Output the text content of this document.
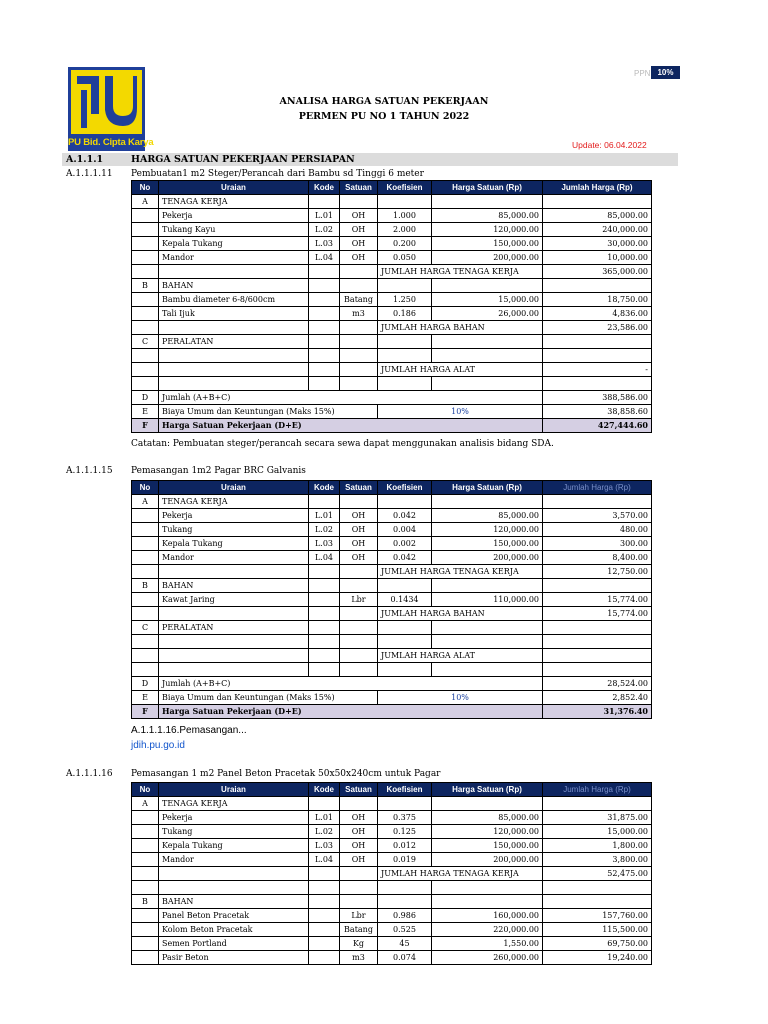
PU Bid. Cipta Karya
PPN 10%
ANALISA HARGA SATUAN PEKERJAAN
PERMEN PU NO 1 TAHUN 2022
Update: 06.04.2022
A.1.1.1	HARGA SATUAN PEKERJAAN PERSIAPAN
A.1.1.1.11 Pembuatan1 m2 Steger/Perancah dari Bambu sd Tinggi 6 meter
No	Uraian	Kode	Satuan	Koefisien	Harga Satuan (Rp)	Jumlah Harga (Rp)
A	TENAGA KERJA					
	Pekerja	L.01	OH	1.000	85,000.00	85,000.00
	Tukang Kayu	L.02	OH	2.000	120,000.00	240,000.00
	Kepala Tukang	L.03	OH	0.200	150,000.00	30,000.00
	Mandor	L.04	OH	0.050	200,000.00	10,000.00
				JUMLAH HARGA TENAGA KERJA		365,000.00
B	BAHAN					
	Bambu diameter 6-8/600cm		Batang	1.250	15,000.00	18,750.00
	Tali Ijuk		m3	0.186	26,000.00	4,836.00
				JUMLAH HARGA BAHAN		23,586.00
C	PERALATAN					

				JUMLAH HARGA ALAT		-

D	Jumlah (A+B+C)					388,586.00
E	Biaya Umum dan Keuntungan (Maks 15%)			10%		38,858.60
F	Harga Satuan Pekerjaan (D+E)					427,444.60
Catatan: Pembuatan steger/perancah secara sewa dapat menggunakan analisis bidang SDA.
A.1.1.1.15 Pemasangan 1m2 Pagar BRC Galvanis
No	Uraian	Kode	Satuan	Koefisien	Harga Satuan (Rp)	Jumlah Harga (Rp)
A	TENAGA KERJA					
	Pekerja	L.01	OH	0.042	85,000.00	3,570.00
	Tukang	L.02	OH	0.004	120,000.00	480.00
	Kepala Tukang	L.03	OH	0.002	150,000.00	300.00
	Mandor	L.04	OH	0.042	200,000.00	8,400.00
				JUMLAH HARGA TENAGA KERJA		12,750.00
B	BAHAN					
	Kawat Jaring		Lbr	0.1434	110,000.00	15,774.00
				JUMLAH HARGA BAHAN		15,774.00
C	PERALATAN					

				JUMLAH HARGA ALAT		

D	Jumlah (A+B+C)					28,524.00
E	Biaya Umum dan Keuntungan (Maks 15%)			10%		2,852.40
F	Harga Satuan Pekerjaan (D+E)					31,376.40
A.1.1.1.16.Pemasangan...
jdih.pu.go.id
A.1.1.1.16 Pemasangan 1 m2 Panel Beton Pracetak 50x50x240cm untuk Pagar
No	Uraian	Kode	Satuan	Koefisien	Harga Satuan (Rp)	Jumlah Harga (Rp)
A	TENAGA KERJA					
	Pekerja	L.01	OH	0.375	85,000.00	31,875.00
	Tukang	L.02	OH	0.125	120,000.00	15,000.00
	Kepala Tukang	L.03	OH	0.012	150,000.00	1,800.00
	Mandor	L.04	OH	0.019	200,000.00	3,800.00
				JUMLAH HARGA TENAGA KERJA		52,475.00

B	BAHAN					
	Panel Beton Pracetak		Lbr	0.986	160,000.00	157,760.00
	Kolom Beton Pracetak		Batang	0.525	220,000.00	115,500.00
	Semen Portland		Kg	45	1,550.00	69,750.00
	Pasir Beton		m3	0.074	260,000.00	19,240.00
